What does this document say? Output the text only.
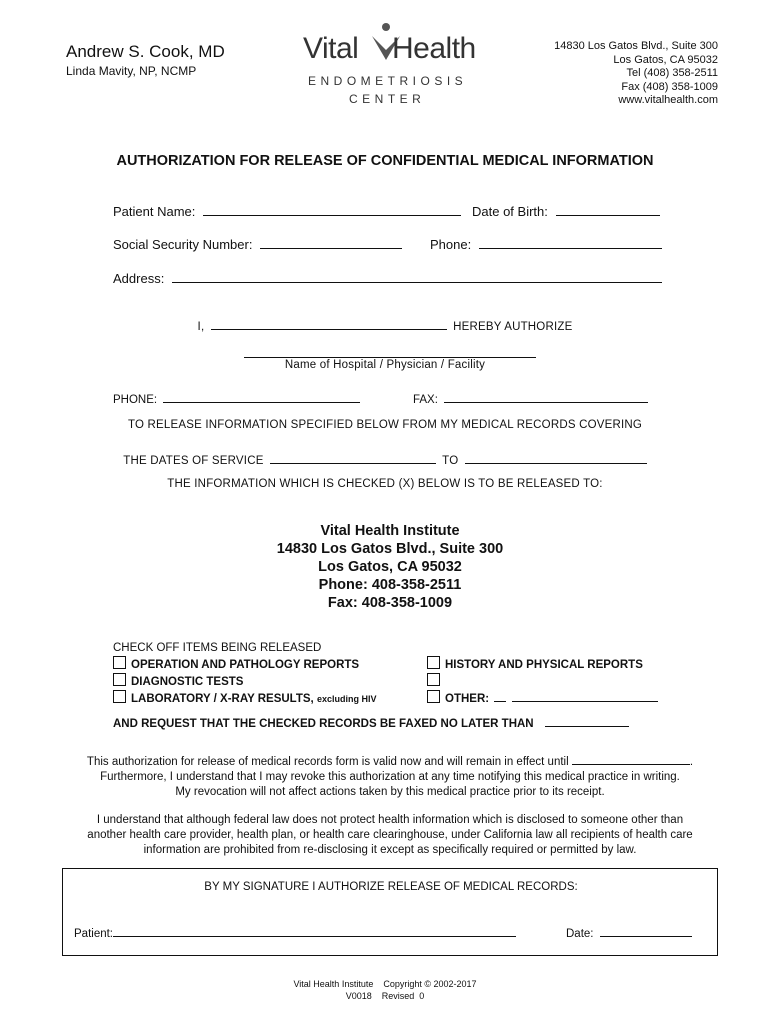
Andrew S. Cook, MD
Linda Mavity, NP, NCMP
Vital Health
ENDOMETRIOSIS
CENTER
14830 Los Gatos Blvd., Suite 300
Los Gatos, CA 95032
Tel (408) 358-2511
Fax (408) 358-1009
www.vitalhealth.com
AUTHORIZATION FOR RELEASE OF CONFIDENTIAL MEDICAL INFORMATION
Patient Name:	Date of Birth:
Social Security Number:	Phone:
Address:
I,	HEREBY AUTHORIZE
Name of Hospital / Physician / Facility
PHONE:	FAX:
TO RELEASE INFORMATION SPECIFIED BELOW FROM MY MEDICAL RECORDS COVERING
THE DATES OF SERVICE	TO
THE INFORMATION WHICH IS CHECKED (X) BELOW IS TO BE RELEASED TO:
Vital Health Institute
14830 Los Gatos Blvd., Suite 300
Los Gatos, CA 95032
Phone: 408-358-2511
Fax: 408-358-1009
CHECK OFF ITEMS BEING RELEASED
OPERATION AND PATHOLOGY REPORTS
DIAGNOSTIC TESTS
LABORATORY / X-RAY RESULTS, excluding HIV
HISTORY AND PHYSICAL REPORTS
OTHER:
AND REQUEST THAT THE CHECKED RECORDS BE FAXED NO LATER THAN
This authorization for release of medical records form is valid now and will remain in effect until	.
Furthermore, I understand that I may revoke this authorization at any time notifying this medical practice in writing.
My revocation will not affect actions taken by this medical practice prior to its receipt.
I understand that although federal law does not protect health information which is disclosed to someone other than
another health care provider, health plan, or health care clearinghouse, under California law all recipients of health care
information are prohibited from re-disclosing it except as specifically required or permitted by law.
BY MY SIGNATURE I AUTHORIZE RELEASE OF MEDICAL RECORDS:
Patient:	Date:
Vital Health Institute    Copyright © 2002-2017
V0018    Revised  0
